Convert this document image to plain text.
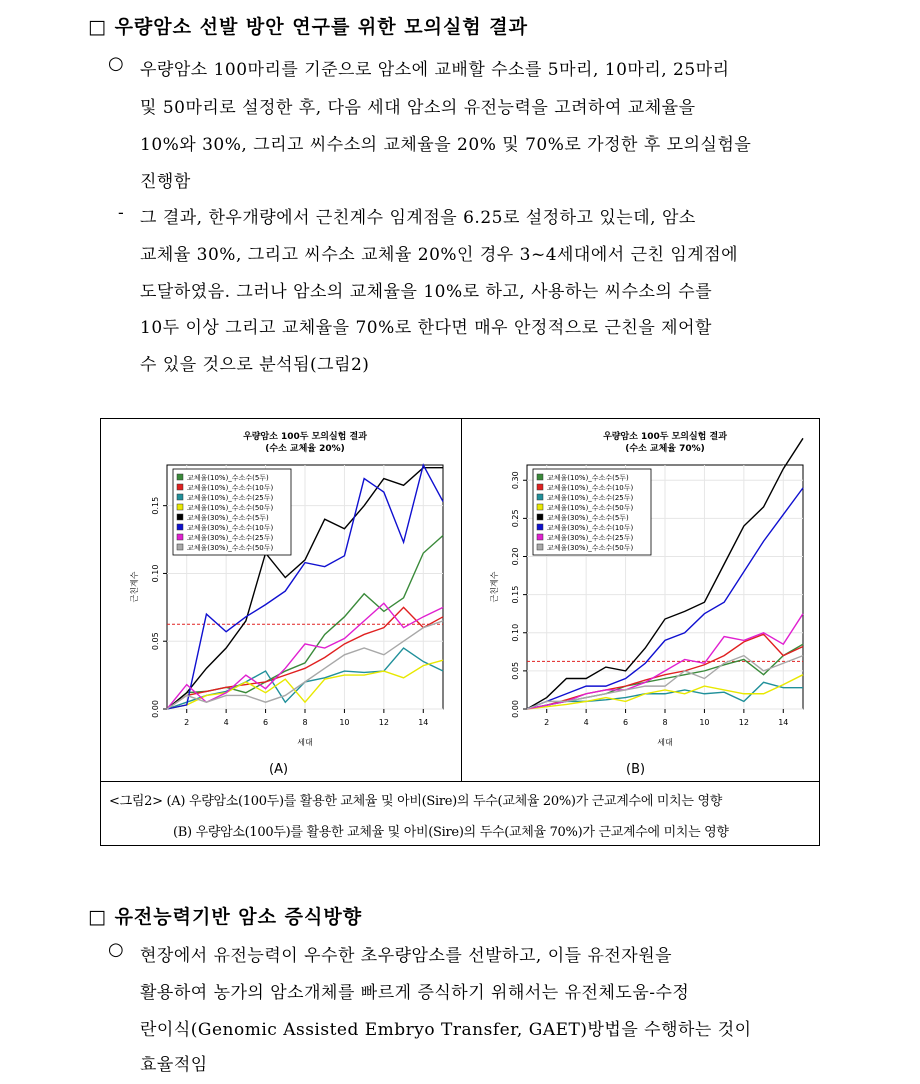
□ 우량암소 선발 방안 연구를 위한 모의실험 결과
○ 우량암소 100마리를 기준으로 암소에 교배할 수소를 5마리, 10마리, 25마리
및 50마리로 설정한 후, 다음 세대 암소의 유전능력을 고려하여 교체율을
10%와 30%, 그리고 씨수소의 교체율을 20% 및 70%로 가정한 후 모의실험을
진행함
- 그 결과, 한우개량에서 근친계수 임계점을 6.25로 설정하고 있는데, 암소
교체율 30%, 그리고 씨수소 교체율 20%인 경우 3~4세대에서 근친 임계점에
도달하였음. 그러나 암소의 교체율을 10%로 하고, 사용하는 씨수소의 수를
10두 이상 그리고 교체율을 70%로 한다면 매우 안정적으로 근친을 제어할
수 있을 것으로 분석됨(그림2)
우량암소 100두 모의실험 결과
(수소 교체율 20%)
2	4	6	8	10	12	14
0.00
0.05
0.10
0.15
세대
근친계수
교체율(10%)_수소수(5두)
교체율(10%)_수소수(10두)
교체율(10%)_수소수(25두)
교체율(10%)_수소수(50두)
교체율(30%)_수소수(5두)
교체율(30%)_수소수(10두)
교체율(30%)_수소수(25두)
교체율(30%)_수소수(50두)
우량암소 100두 모의실험 결과
(수소 교체율 70%)
2	4	6	8	10	12	14
0.00
0.05
0.10
0.15
0.20
0.25
0.30
세대
근친계수
교체율(10%)_수소수(5두)
교체율(10%)_수소수(10두)
교체율(10%)_수소수(25두)
교체율(10%)_수소수(50두)
교체율(30%)_수소수(5두)
교체율(30%)_수소수(10두)
교체율(30%)_수소수(25두)
교체율(30%)_수소수(50두)
(A)	(B)
<그림2> (A) 우량암소(100두)를 활용한 교체율 및 아비(Sire)의 두수(교체율 20%)가 근교계수에 미치는 영향
(B) 우량암소(100두)를 활용한 교체율 및 아비(Sire)의 두수(교체율 70%)가 근교계수에 미치는 영향
□ 유전능력기반 암소 증식방향
○ 현장에서 유전능력이 우수한 초우량암소를 선발하고, 이들 유전자원을
활용하여 농가의 암소개체를 빠르게 증식하기 위해서는 유전체도움-수정
란이식(Genomic Assisted Embryo Transfer, GAET)방법을 수행하는 것이
효율적임
